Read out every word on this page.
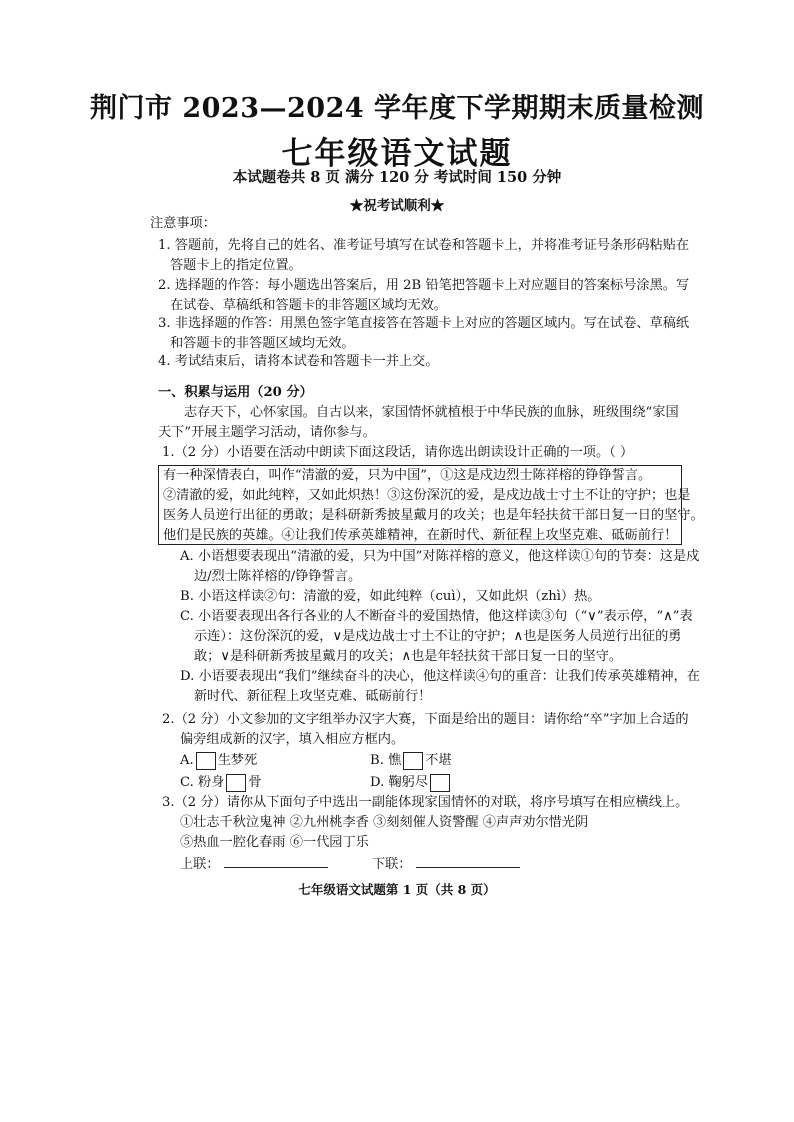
荆门市 2023—2024 学年度下学期期末质量检测
七年级语文试题
本试题卷共 8 页 满分 120 分 考试时间 150 分钟
★祝考试顺利★
注意事项：
1. 答题前，先将自己的姓名、准考证号填写在试卷和答题卡上，并将准考证号条形码粘贴在答题卡上的指定位置。
2. 选择题的作答：每小题选出答案后，用 2B 铅笔把答题卡上对应题目的答案标号涂黑。写在试卷、草稿纸和答题卡的非答题区域均无效。
3. 非选择题的作答：用黑色签字笔直接答在答题卡上对应的答题区域内。写在试卷、草稿纸和答题卡的非答题区域均无效。
4. 考试结束后，请将本试卷和答题卡一并上交。
一、积累与运用（20 分）
志存天下，心怀家国。自古以来，家国情怀就植根于中华民族的血脉，班级围绕“家国天下”开展主题学习活动，请你参与。
1.（2 分）小语要在活动中朗读下面这段话，请你选出朗读设计正确的一项。（ ）

有一种深情表白，叫作“清澈的爱，只为中国”，①这是戍边烈士陈祥榕的铮铮誓言。

②清澈的爱，如此纯粹，又如此炽热！③这份深沉的爱，是戍边战士寸土不让的守护；也是

医务人员逆行出征的勇敢；是科研新秀披星戴月的攻关；也是年轻扶贫干部日复一日的坚守。

他们是民族的英雄。④让我们传承英雄精神，在新时代、新征程上攻坚克难、砥砺前行！

A. 小语想要表现出“清澈的爱，只为中国”对陈祥榕的意义，他这样读①句的节奏：这是戍边/烈士陈祥榕的/铮铮誓言。
B. 小语这样读②句：清澈的爱，如此纯粹（cuì），又如此炽（zhì）热。
C. 小语要表现出各行各业的人不断奋斗的爱国热情，他这样读③句（“∨”表示停，“∧”表示连）：这份深沉的爱，∨是戍边战士寸土不让的守护；∧也是医务人员逆行出征的勇敢；∨是科研新秀披星戴月的攻关；∧也是年轻扶贫干部日复一日的坚守。
D. 小语要表现出“我们”继续奋斗的决心，他这样读④句的重音：让我们传承英雄精神，在新时代、新征程上攻坚克难、砥砺前行！
2.（2 分）小文参加的文字组举办汉字大赛，下面是给出的题目：请你给“卒”字加上合适的
偏旁组成新的汉字，填入相应方框内。
A. 生梦死	B. 憔 不堪
C. 粉身 骨	D. 鞠躬尽
3.（2 分）请你从下面句子中选出一副能体现家国情怀的对联，将序号填写在相应横线上。
①壮志千秋泣鬼神 ②九州桃李香 ③刻刻催人资警醒 ④声声劝尔惜光阴
⑤热血一腔化春雨 ⑥一代园丁乐
上联：	下联：
七年级语文试题第 1 页（共 8 页）
